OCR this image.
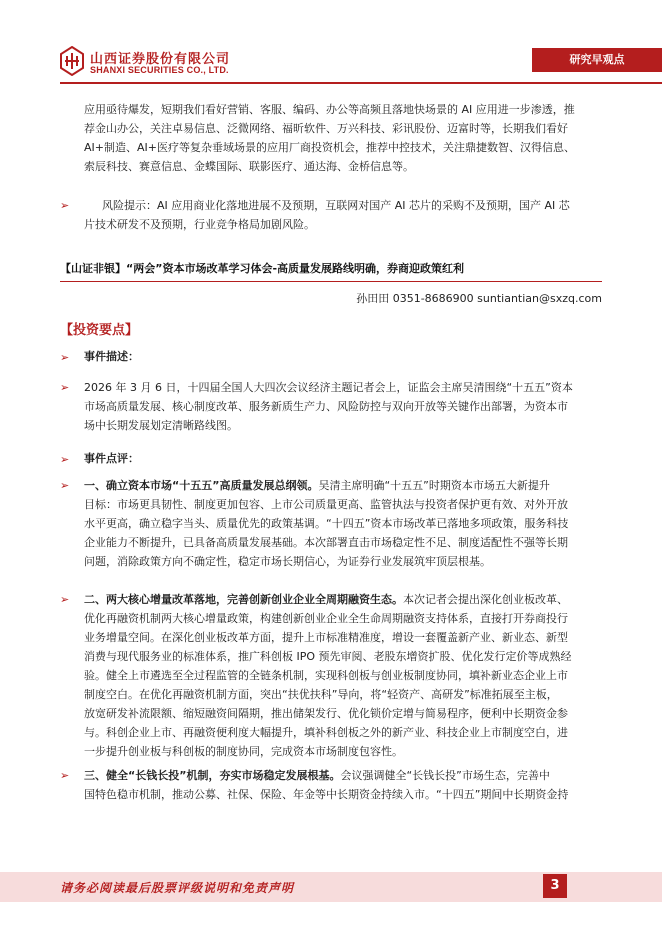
山西证券股份有限公司
SHANXI SECURITIES CO., LTD.
研究早观点
应用亟待爆发，短期我们看好营销、客服、编码、办公等高频且落地快场景的 AI 应用进一步渗透，推
荐金山办公，关注卓易信息、泛微网络、福昕软件、万兴科技、彩讯股份、迈富时等，长期我们看好
AI+制造、AI+医疗等复杂垂域场景的应用厂商投资机会，推荐中控技术，关注鼎捷数智、汉得信息、
索辰科技、赛意信息、金蝶国际、联影医疗、通达海、金桥信息等。
➢	风险提示：AI 应用商业化落地进展不及预期，互联网对国产 AI 芯片的采购不及预期，国产 AI 芯
片技术研发不及预期，行业竞争格局加剧风险。
【山证非银】“两会”资本市场改革学习体会-高质量发展路线明确，券商迎政策红利
孙田田 0351-8686900 suntiantian@sxzq.com
【投资要点】
➢ 事件描述：
➢ 2026 年 3 月 6 日，十四届全国人大四次会议经济主题记者会上，证监会主席吴清围绕“十五五”资本
市场高质量发展、核心制度改革、服务新质生产力、风险防控与双向开放等关键作出部署，为资本市
场中长期发展划定清晰路线图。
➢ 事件点评：
➢ 一、确立资本市场“十五五”高质量发展总纲领。吴清主席明确“十五五”时期资本市场五大新提升
目标：市场更具韧性、制度更加包容、上市公司质量更高、监管执法与投资者保护更有效、对外开放
水平更高，确立稳字当头、质量优先的政策基调。“十四五”资本市场改革已落地多项政策，服务科技
企业能力不断提升，已具备高质量发展基础。本次部署直击市场稳定性不足、制度适配性不强等长期
问题，消除政策方向不确定性，稳定市场长期信心，为证券行业发展筑牢顶层根基。
➢ 二、两大核心增量改革落地，完善创新创业企业全周期融资生态。本次记者会提出深化创业板改革、
优化再融资机制两大核心增量政策，构建创新创业企业全生命周期融资支持体系，直接打开券商投行
业务增量空间。在深化创业板改革方面，提升上市标准精准度，增设一套覆盖新产业、新业态、新型
消费与现代服务业的标准体系，推广科创板 IPO 预先审阅、老股东增资扩股、优化发行定价等成熟经
验。健全上市遴选至全过程监管的全链条机制，实现科创板与创业板制度协同，填补新业态企业上市
制度空白。在优化再融资机制方面，突出“扶优扶科”导向，将“轻资产、高研发”标准拓展至主板，
放宽研发补流限额、缩短融资间隔期，推出储架发行、优化锁价定增与简易程序，便利中长期资金参
与。科创企业上市、再融资便利度大幅提升，填补科创板之外的新产业、科技企业上市制度空白，进
一步提升创业板与科创板的制度协同，完成资本市场制度包容性。
➢ 三、健全“长钱长投”机制，夯实市场稳定发展根基。会议强调健全“长钱长投”市场生态，完善中
国特色稳市机制，推动公募、社保、保险、年金等中长期资金持续入市。“十四五”期间中长期资金持
请务必阅读最后股票评级说明和免责声明	3
